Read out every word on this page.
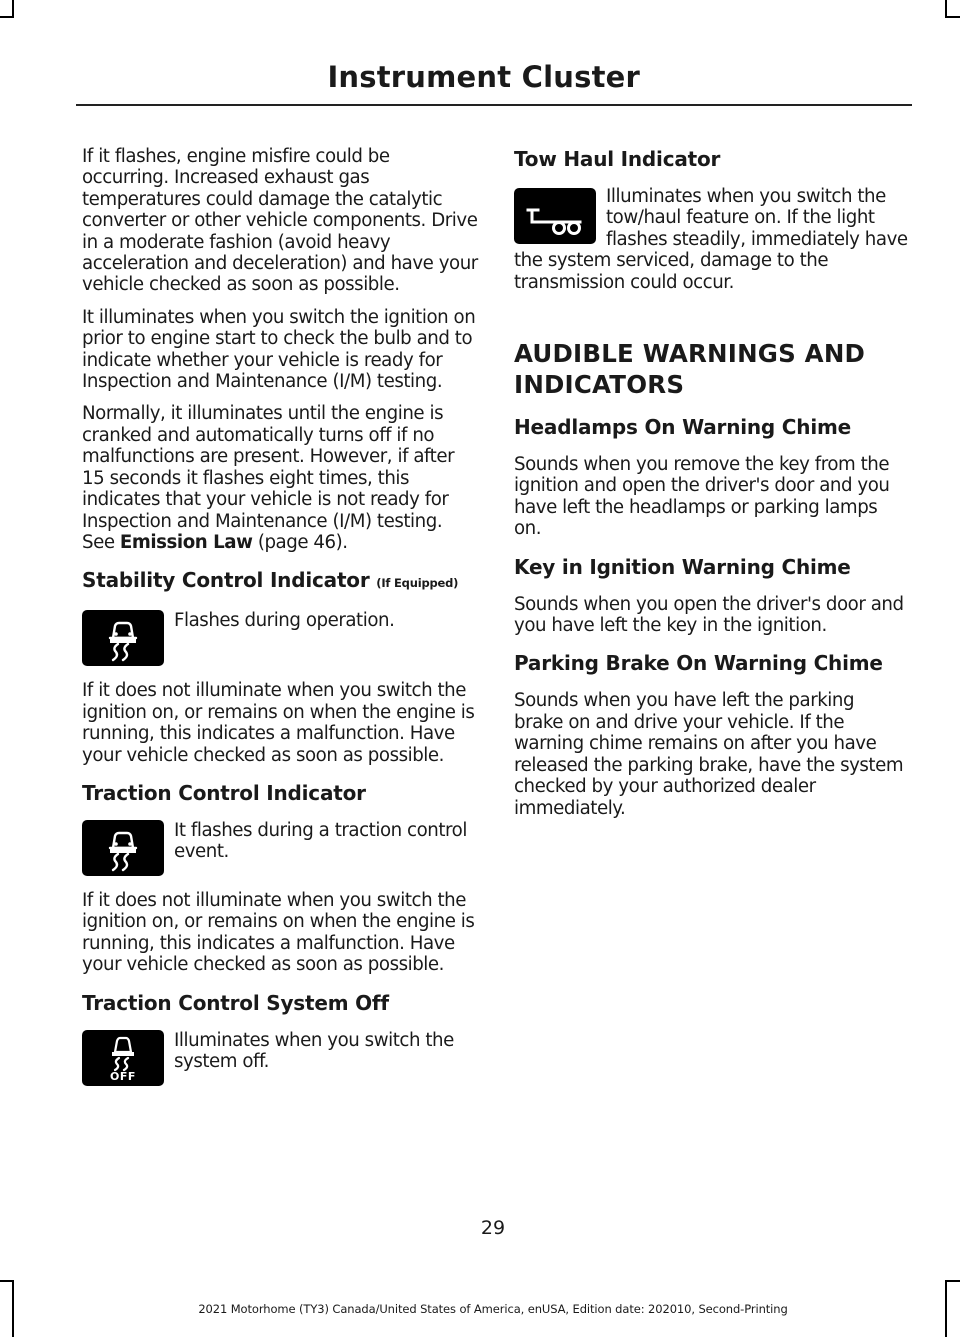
Instrument Cluster

If it flashes, engine misfire could be occurring. Increased exhaust gas temperatures could damage the catalytic converter or other vehicle components. Drive in a moderate fashion (avoid heavy acceleration and deceleration) and have your vehicle checked as soon as possible.

It illuminates when you switch the ignition on prior to engine start to check the bulb and to indicate whether your vehicle is ready for Inspection and Maintenance (I/M) testing.

Normally, it illuminates until the engine is cranked and automatically turns off if no malfunctions are present. However, if after 15 seconds it flashes eight times, this indicates that your vehicle is not ready for Inspection and Maintenance (I/M) testing. See Emission Law (page 46).

Stability Control Indicator (If Equipped)

Flashes during operation.

If it does not illuminate when you switch the ignition on, or remains on when the engine is running, this indicates a malfunction. Have your vehicle checked as soon as possible.

Traction Control Indicator

It flashes during a traction control event.

If it does not illuminate when you switch the ignition on, or remains on when the engine is running, this indicates a malfunction. Have your vehicle checked as soon as possible.

Traction Control System Off
OFF

Illuminates when you switch the system off.

Tow Haul Indicator

Illuminates when you switch the tow/haul feature on. If the light flashes steadily, immediately have the system serviced, damage to the transmission could occur.

AUDIBLE WARNINGS AND INDICATORS
Headlamps On Warning Chime

Sounds when you remove the key from the ignition and open the driver's door and you have left the headlamps or parking lamps on.

Key in Ignition Warning Chime

Sounds when you open the driver's door and you have left the key in the ignition.

Parking Brake On Warning Chime

Sounds when you have left the parking brake on and drive your vehicle. If the warning chime remains on after you have released the parking brake, have the system checked by your authorized dealer immediately.

29
2021 Motorhome (TY3) Canada/United States of America, enUSA, Edition date: 202010, Second-Printing
